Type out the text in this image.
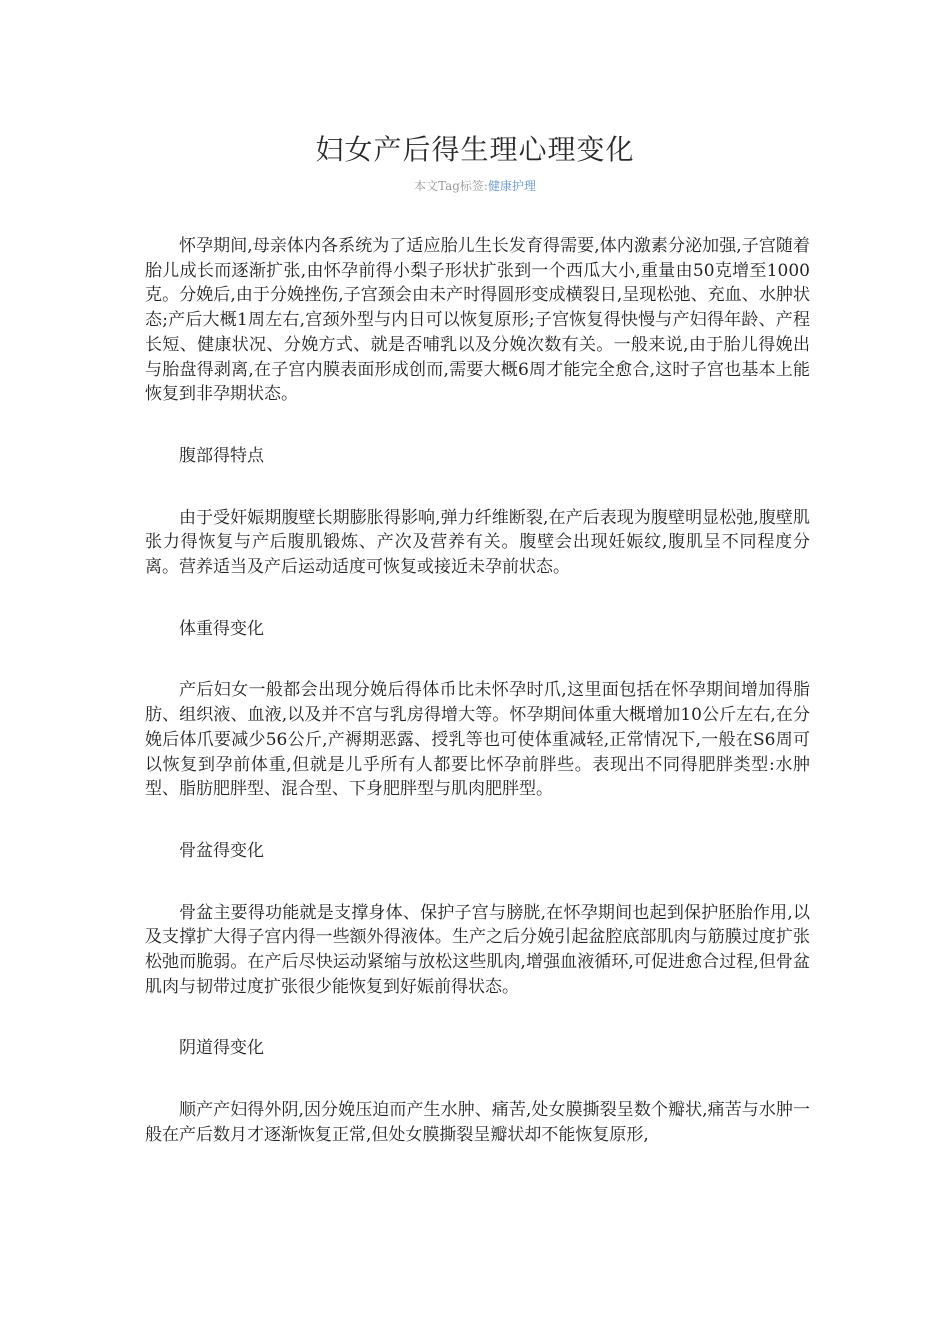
妇女产后得生理心理变化
本文Tag标签:健康护理

怀孕期间,母亲体内各系统为了适应胎儿生长发育得需要,体内激素分泌加强,子宫随着胎儿成长而逐渐扩张,由怀孕前得小梨子形状扩张到一个西瓜大小,重量由50克增至1000克。分娩后,由于分娩挫伤,子宫颈会由未产时得圆形变成横裂日,呈现松弛、充血、水肿状态;产后大概1周左右,宫颈外型与内日可以恢复原形;子宫恢复得快慢与产妇得年龄、产程长短、健康状况、分娩方式、就是否哺乳以及分娩次数有关。一般来说,由于胎儿得娩出与胎盘得剥离,在子宫内膜表面形成创而,需要大概6周才能完全愈合,这时子宫也基本上能恢复到非孕期状态。

腹部得特点

由于受奸娠期腹壁长期膨胀得影响,弹力纤维断裂,在产后表现为腹壁明显松弛,腹壁肌张力得恢复与产后腹肌锻炼、产次及营养有关。腹壁会出现妊娠纹,腹肌呈不同程度分离。营养适当及产后运动适度可恢复或接近未孕前状态。

体重得变化

产后妇女一般都会出现分娩后得体币比未怀孕时爪,这里面包括在怀孕期间增加得脂肪、组织液、血液,以及并不宫与乳房得增大等。怀孕期间体重大概增加10公斤左右,在分娩后体爪要减少56公斤,产褥期恶露、授乳等也可使体重减轻,正常情况下,一般在S6周可以恢复到孕前体重,但就是儿乎所有人都要比怀孕前胖些。表现出不同得肥胖类型:水肿型、脂肪肥胖型、混合型、下身肥胖型与肌肉肥胖型。

骨盆得变化

骨盆主要得功能就是支撑身体、保护子宫与膀胱,在怀孕期间也起到保护胚胎作用,以及支撑扩大得子宫内得一些额外得液体。生产之后分娩引起盆腔底部肌肉与筋膜过度扩张松弛而脆弱。在产后尽快运动紧缩与放松这些肌肉,增强血液循环,可促进愈合过程,但骨盆肌肉与韧带过度扩张很少能恢复到好娠前得状态。

阴道得变化

顺产产妇得外阴,因分娩压迫而产生水肿、痛苦,处女膜撕裂呈数个瓣状,痛苦与水肿一般在产后数月才逐渐恢复正常,但处女膜撕裂呈瓣状却不能恢复原形,
